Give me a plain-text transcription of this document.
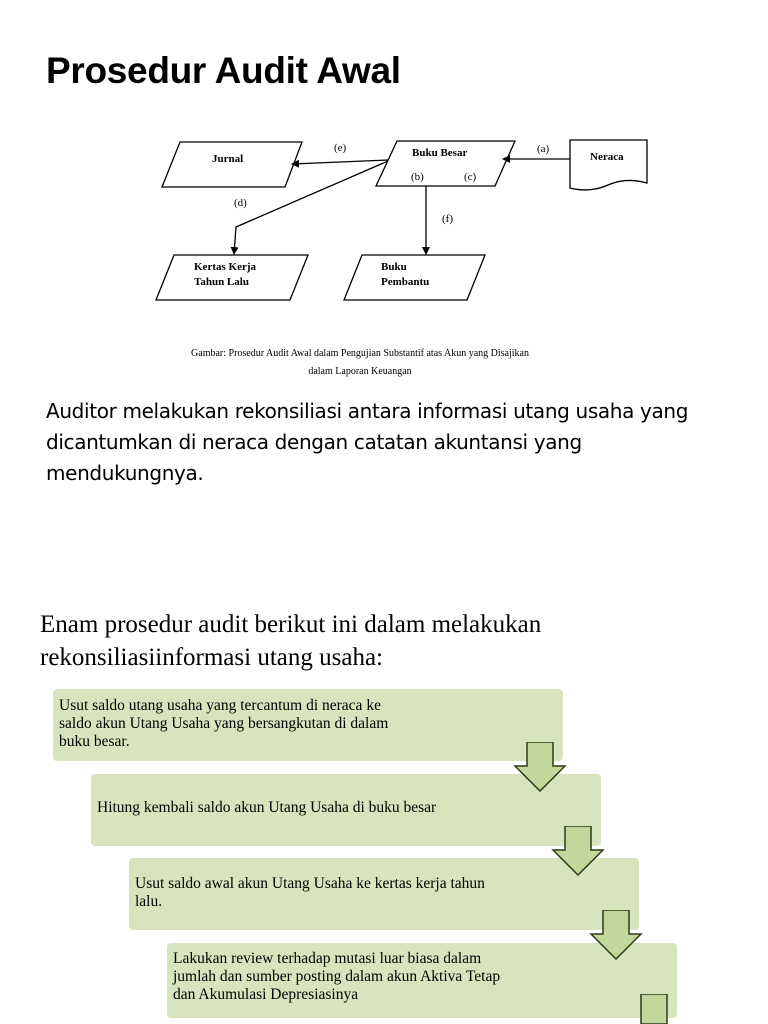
Prosedur Audit Awal
Jurnal	Buku Besar
(b)	(c)
Neraca
Kertas Kerja
Tahun Lalu
Buku
Pembantu
(a)
(e)
(d)
(f)
Gambar: Prosedur Audit Awal dalam Pengujian Substantif atas Akun yang Disajikan
dalam Laporan Keuangan
Auditor melakukan rekonsiliasi antara informasi utang usaha yang dicantumkan di neraca dengan catatan akuntansi yang mendukungnya.
Enam prosedur audit berikut ini dalam melakukan rekonsiliasiinformasi utang usaha:
Usut saldo utang usaha yang tercantum di neraca ke
saldo akun Utang Usaha yang bersangkutan di dalam
buku besar.
Hitung kembali saldo akun Utang Usaha di buku besar
Usut saldo awal akun Utang Usaha ke kertas kerja tahun
lalu.
Lakukan review terhadap mutasi luar biasa dalam
jumlah dan sumber posting dalam akun Aktiva Tetap
dan Akumulasi Depresiasinya
